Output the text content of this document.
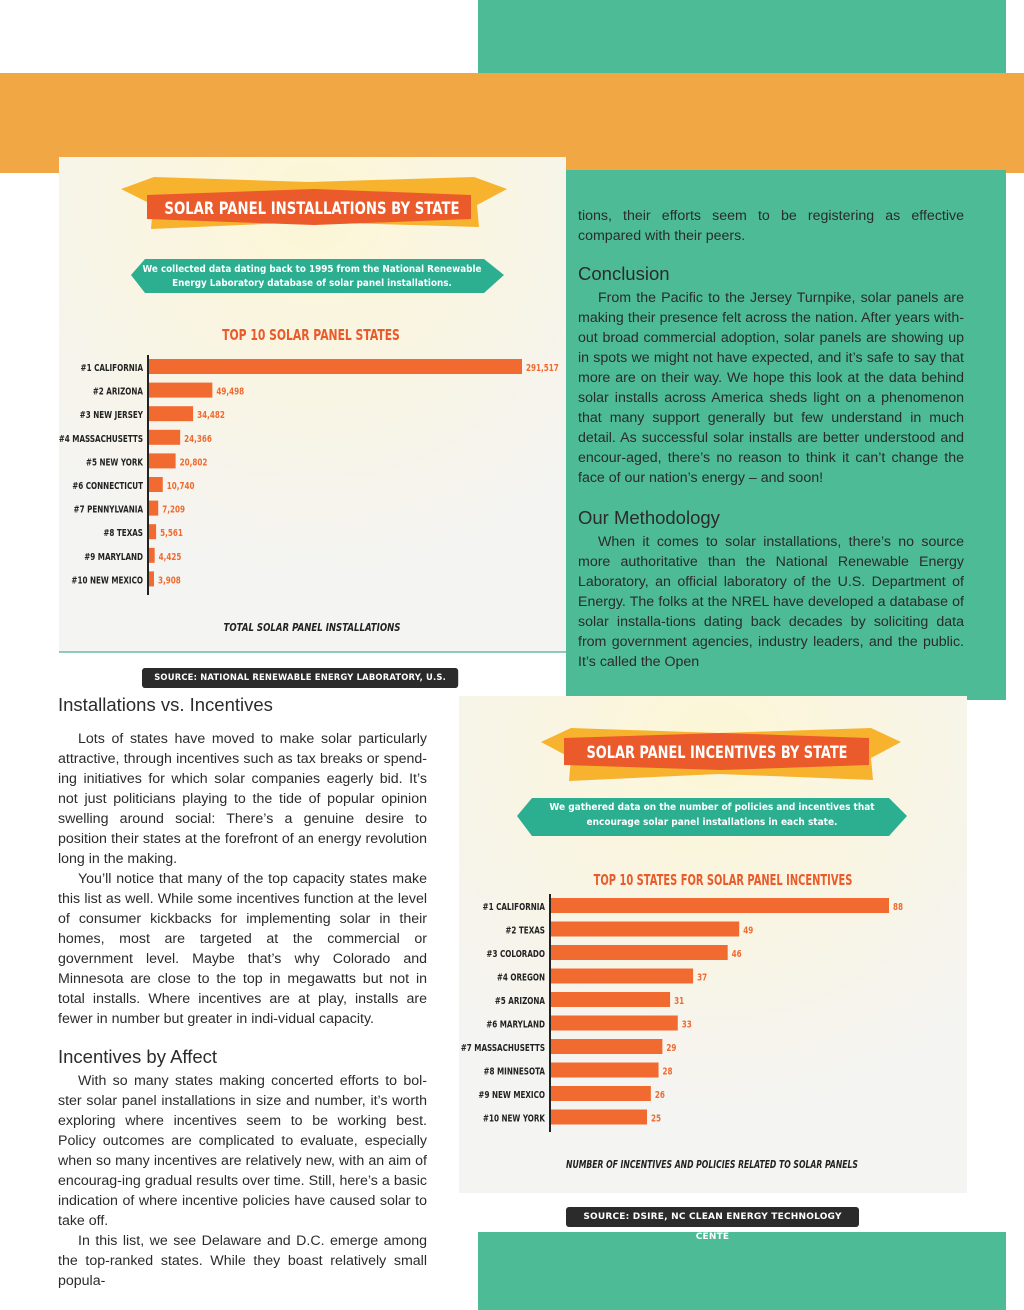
SOLAR PANEL INSTALLATIONS BY STATE
We collected data dating back to 1995 from the National Renewable
Energy Laboratory database of solar panel installations.
TOP 10 SOLAR PANEL STATES
#1 CALIFORNIA	291,517
#2 ARIZONA	49,498
#3 NEW JERSEY	34,482
#4 MASSACHUSETTS	24,366
#5 NEW YORK	20,802
#6 CONNECTICUT 10,740
#7 PENNYLVANIA 7,209
#8 TEXAS 5,561
#9 MARYLAND 4,425
#10 NEW MEXICO 3,908
TOTAL SOLAR PANEL INSTALLATIONS
SOURCE: NATIONAL RENEWABLE ENERGY LABORATORY, U.S. DEPARTMENT OF ENERGY

tions, their efforts seem to be registering as effective compared with their peers.

Conclusion

From the Pacific to the Jersey Turnpike, solar panels are making their presence felt across the nation. After years with-out broad commercial adoption, solar panels are showing up in spots we might not have expected, and it’s safe to say that more are on their way. We hope this look at the data behind solar installs across America sheds light on a phenomenon that many support generally but few understand in much detail. As successful solar installs are better understood and encour-aged, there’s no reason to think it can’t change the face of our nation’s energy – and soon!

Our Methodology

When it comes to solar installations, there’s no source more authoritative than the National Renewable Energy Laboratory, an official laboratory of the U.S. Department of Energy. The folks at the NREL have developed a database of solar installa-tions dating back decades by soliciting data from government agencies, industry leaders, and the public. It’s called the Open

Installations vs. Incentives

Lots of states have moved to make solar particularly attractive, through incentives such as tax breaks or spend-ing initiatives for which solar companies eagerly bid. It’s not just politicians playing to the tide of popular opinion swelling around social: There’s a genuine desire to position their states at the forefront of an energy revolution long in the making.

You’ll notice that many of the top capacity states make this list as well. While some incentives function at the level of consumer kickbacks for implementing solar in their homes, most are targeted at the commercial or government level. Maybe that’s why Colorado and Minnesota are close to the top in megawatts but not in total installs. Where incentives are at play, installs are fewer in number but greater in indi-vidual capacity.

Incentives by Affect

With so many states making concerted efforts to bol-ster solar panel installations in size and number, it’s worth exploring where incentives seem to be working best. Policy outcomes are complicated to evaluate, especially when so many incentives are relatively new, with an aim of encourag-ing gradual results over time. Still, here’s a basic indication of where incentive policies have caused solar to take off.

In this list, we see Delaware and D.C. emerge among the top-ranked states. While they boast relatively small popula-

SOLAR PANEL INCENTIVES BY STATE
We gathered data on the number of policies and incentives that
encourage solar panel installations in each state.
TOP 10 STATES FOR SOLAR PANEL INCENTIVES
#1 CALIFORNIA	88
#2 TEXAS	49
#3 COLORADO	46
#4 OREGON	37
#5 ARIZONA	31
#6 MARYLAND	33
#7 MASSACHUSETTS	29
#8 MINNESOTA	28
#9 NEW MEXICO	26
#10 NEW YORK	25
NUMBER OF INCENTIVES AND POLICIES RELATED TO SOLAR PANELS
SOURCE: DSIRE, NC CLEAN ENERGY TECHNOLOGY CENTE
